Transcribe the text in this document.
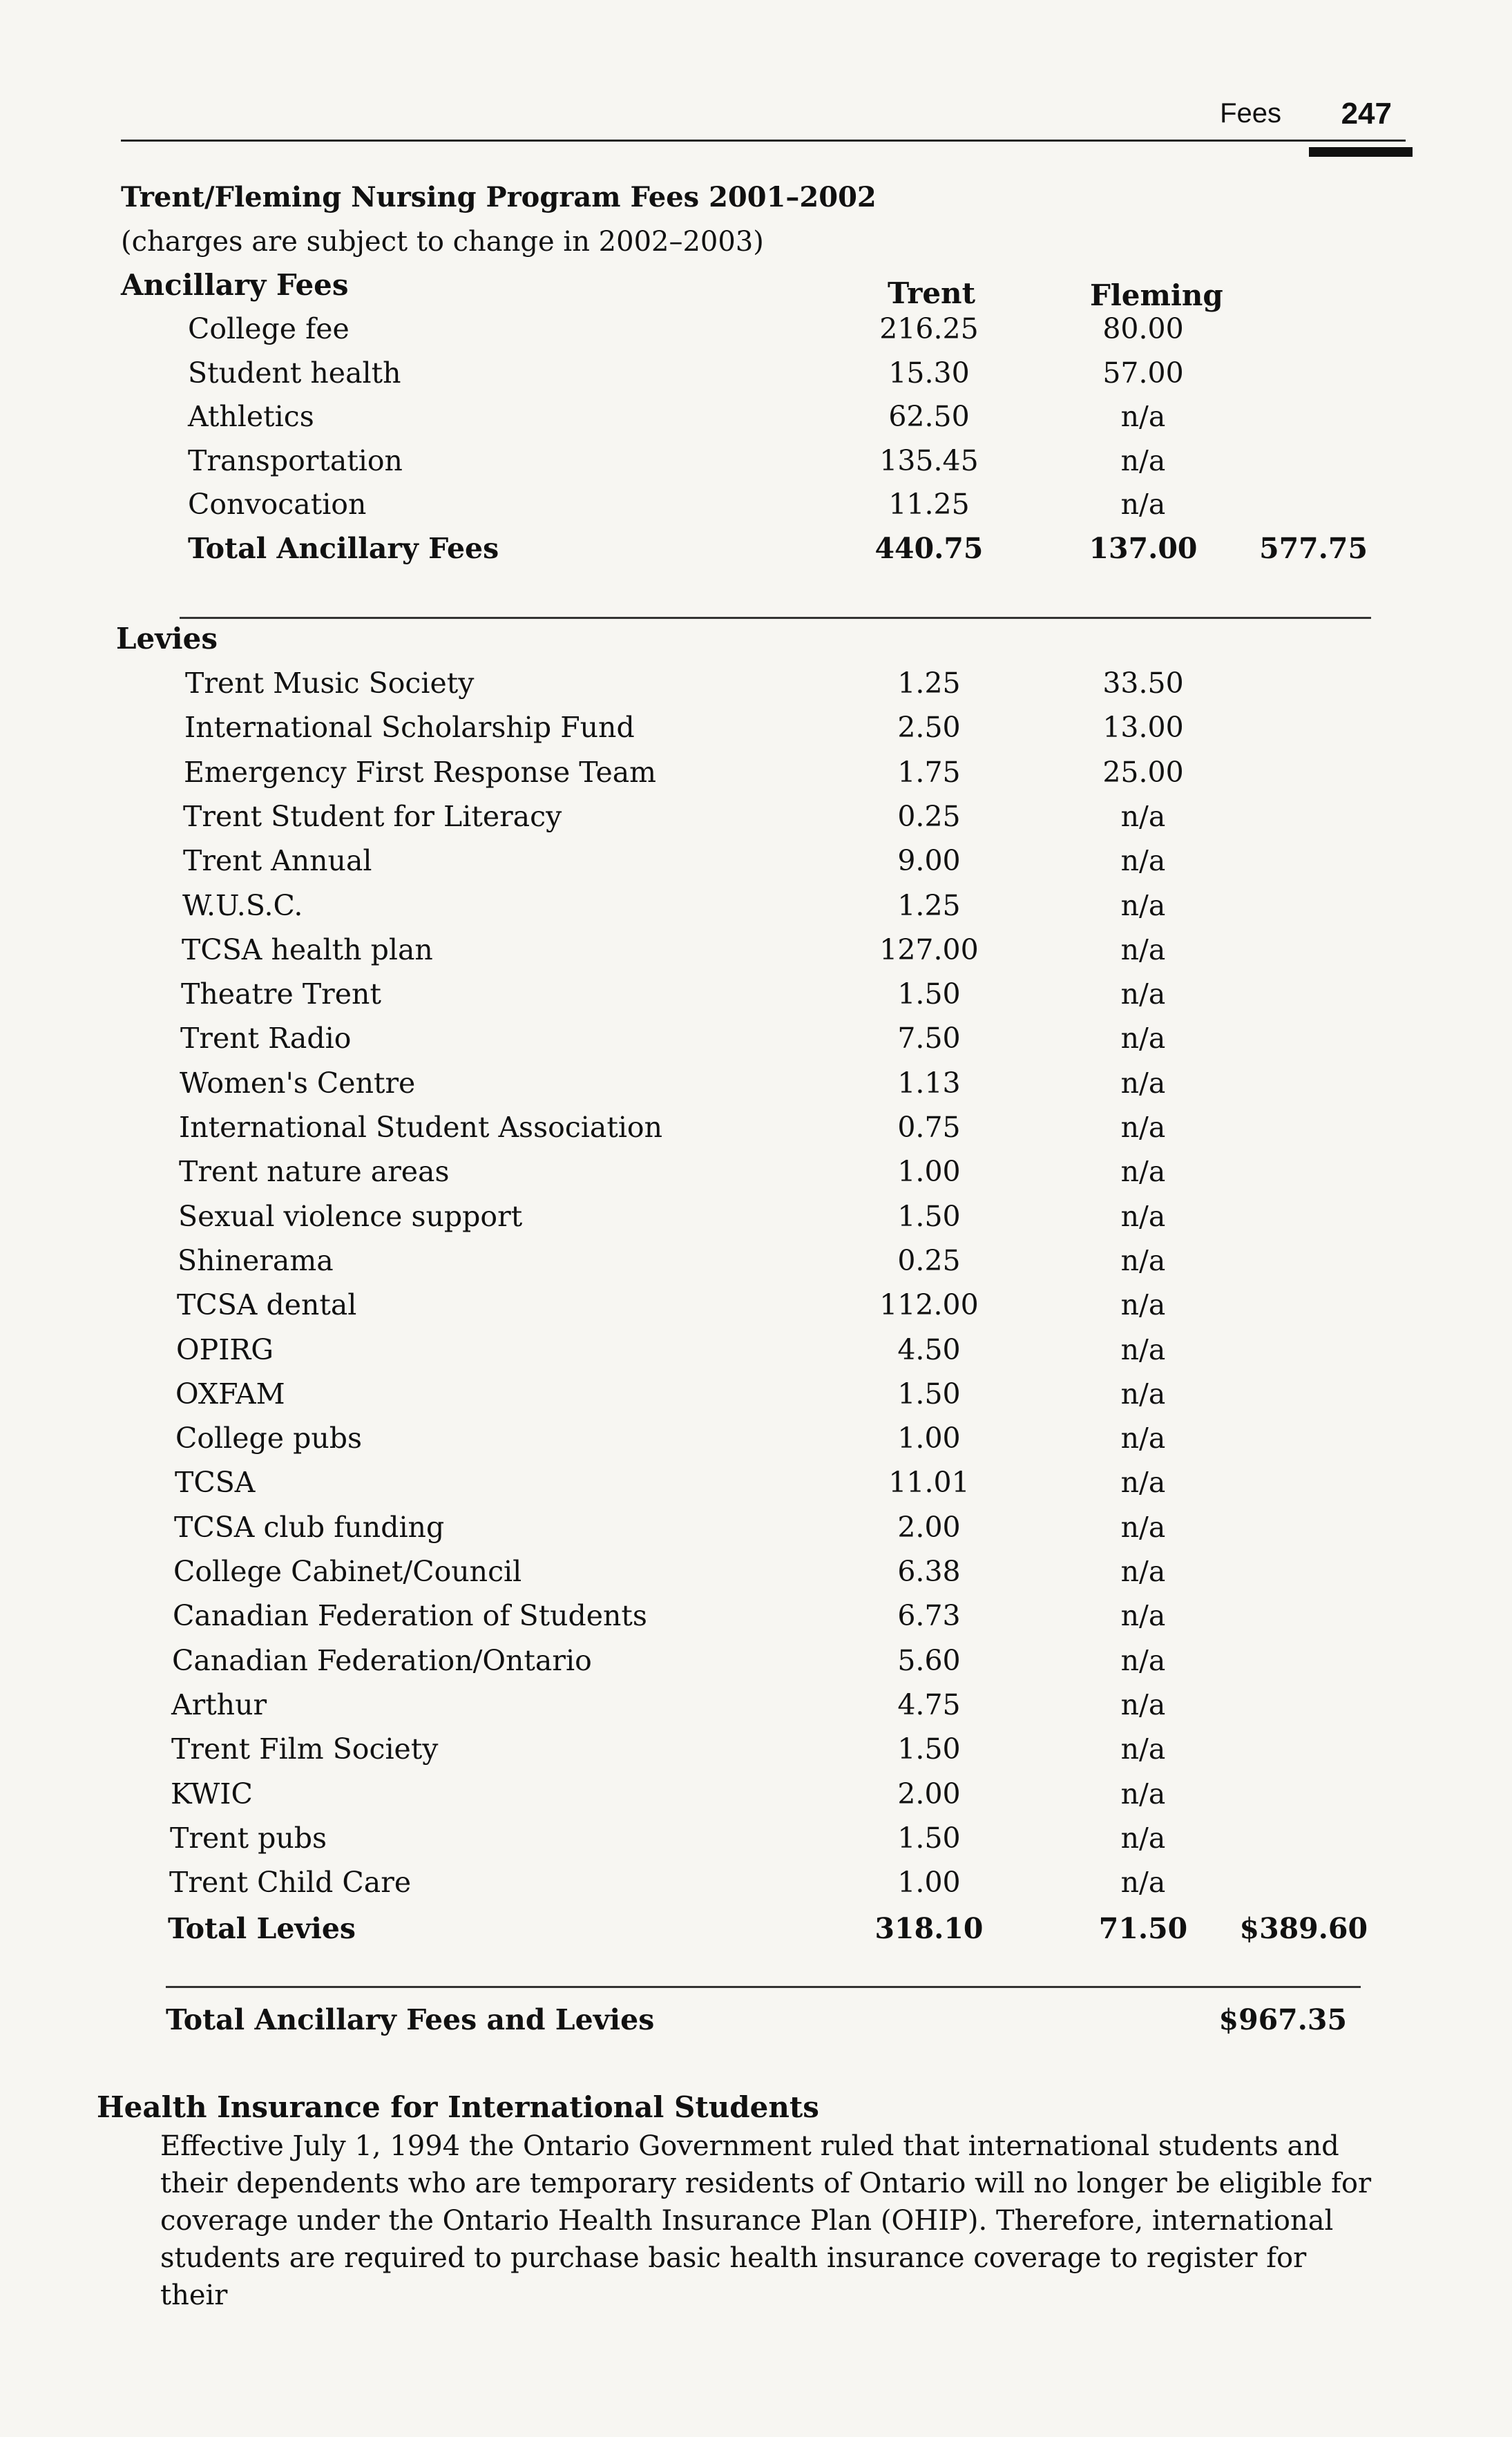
Fees 247
Trent/Fleming Nursing Program Fees 2001–2002
(charges are subject to change in 2002–2003)
Ancillary Fees	Trent	Fleming
College fee	216.25	80.00
Student health	15.30	57.00
Athletics	62.50	n/a
Transportation	135.45	n/a
Convocation	11.25	n/a
Total Ancillary Fees	440.75	137.00	577.75
Levies
Trent Music Society	1.25	33.50
International Scholarship Fund	2.50	13.00
Emergency First Response Team	1.75	25.00
Trent Student for Literacy	0.25	n/a
Trent Annual	9.00	n/a
W.U.S.C.	1.25	n/a
TCSA health plan	127.00	n/a
Theatre Trent	1.50	n/a
Trent Radio	7.50	n/a
Women's Centre	1.13	n/a
International Student Association	0.75	n/a
Trent nature areas	1.00	n/a
Sexual violence support	1.50	n/a
Shinerama	0.25	n/a
TCSA dental	112.00	n/a
OPIRG	4.50	n/a
OXFAM	1.50	n/a
College pubs	1.00	n/a
TCSA	11.01	n/a
TCSA club funding	2.00	n/a
College Cabinet/Council	6.38	n/a
Canadian Federation of Students	6.73	n/a
Canadian Federation/Ontario	5.60	n/a
Arthur	4.75	n/a
Trent Film Society	1.50	n/a
KWIC	2.00	n/a
Trent pubs	1.50	n/a
Trent Child Care	1.00	n/a
Total Levies	318.10	71.50	$389.60
Total Ancillary Fees and Levies	$967.35
Health Insurance for International Students
Effective July 1, 1994 the Ontario Government ruled that international students and
their dependents who are temporary residents of Ontario will no longer be eligible for
coverage under the Ontario Health Insurance Plan (OHIP). Therefore, international
students are required to purchase basic health insurance coverage to register for their
